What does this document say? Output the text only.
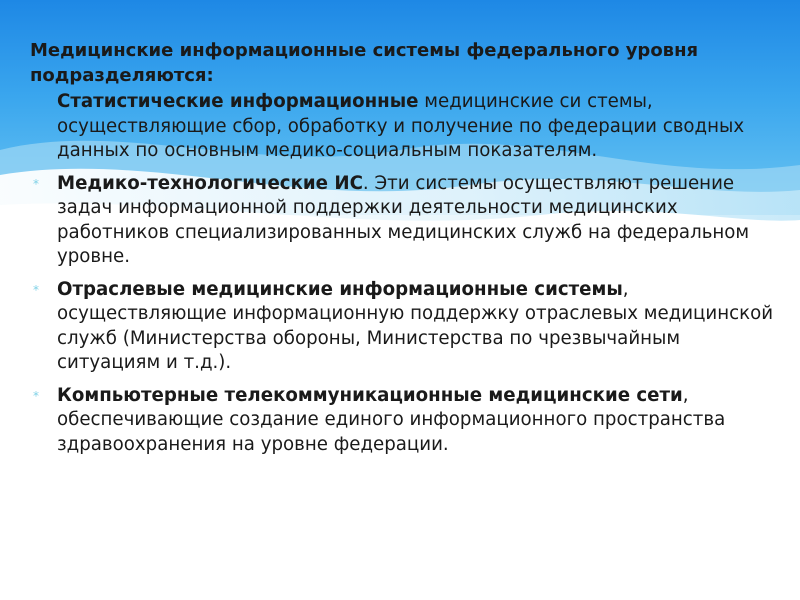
Медицинские информационные системы федерального уровня подразделяются:
Статистические информационные медицинские си стемы, осуществляющие сбор, обработку и получение по федерации сводных данных по основным медико-социальным показателям.
* Медико-технологические ИС. Эти системы осуществляют решение задач информационной поддержки деятельности медицинских работников специализированных медицинских служб на федеральном уровне.
* Отраслевые медицинские информационные системы, осуществляющие информационную поддержку отраслевых медицинской служб (Министерства обороны, Министерства по чрезвычайным ситуациям и т.д.).
* Компьютерные телекоммуникационные медицинские сети, обеспечивающие создание единого информационного пространства здравоохранения на уровне федерации.
